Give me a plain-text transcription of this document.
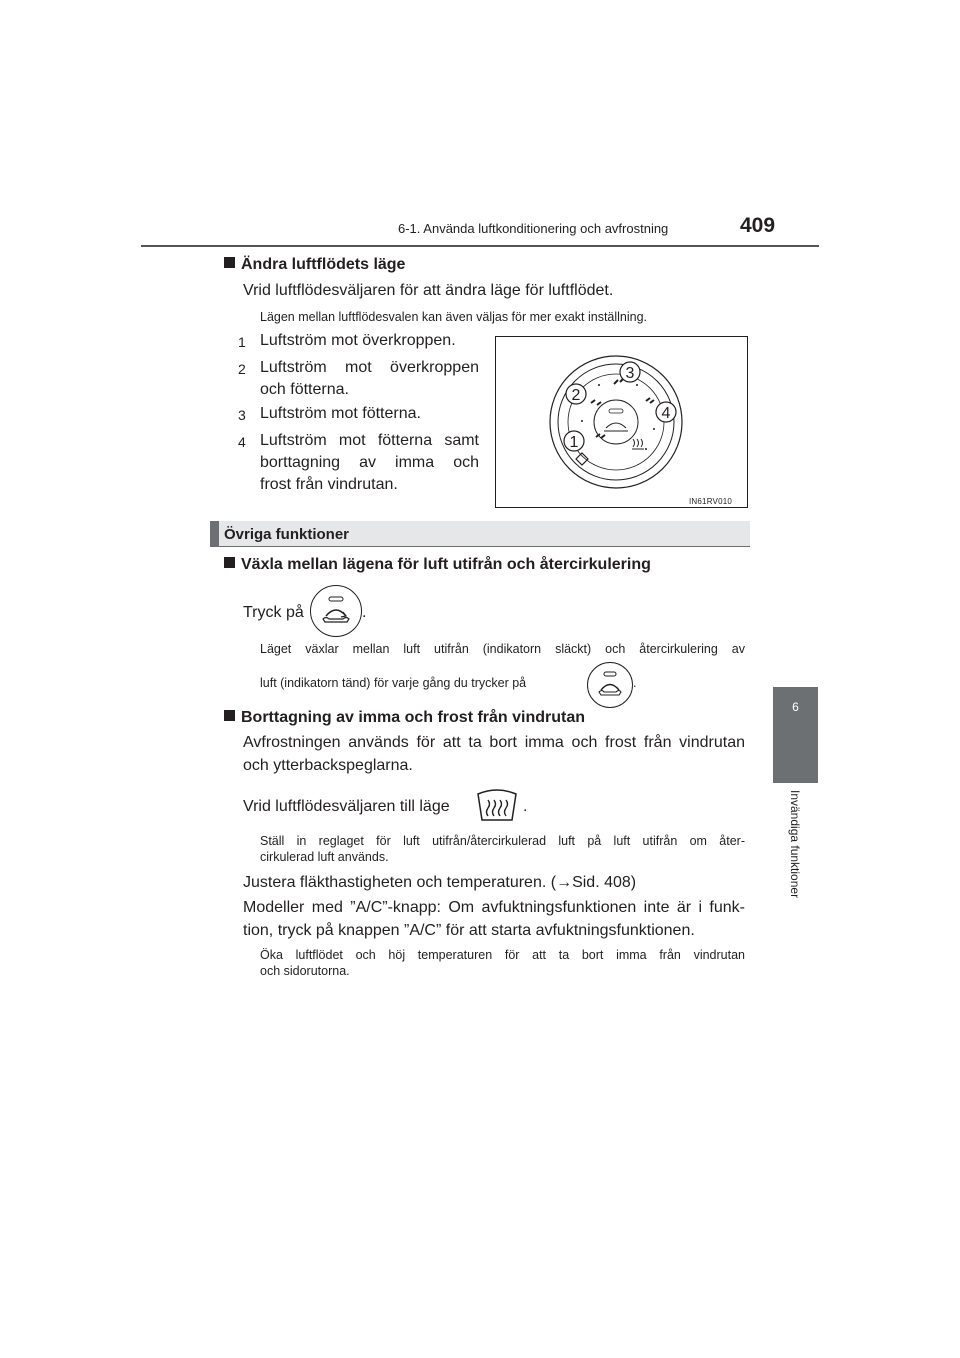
6-1. Använda luftkonditionering och avfrostning	409
6
Invändiga funktioner
Ändra luftflödets läge
Vrid luftflödesväljaren för att ändra läge för luftflödet.
Lägen mellan luftflödesvalen kan även väljas för mer exakt inställning.
1 Luftström mot överkroppen.
2 Luftström mot överkroppen
och fötterna.
3 Luftström mot fötterna.
4 Luftström mot fötterna samt
borttagning av imma och
frost från vindrutan.
1
2
3
4
IN61RV010
Övriga funktioner
Växla mellan lägena för luft utifrån och återcirkulering
Tryck på	.
Läget växlar mellan luft utifrån (indikatorn släckt) och återcirkulering av
luft (indikatorn tänd) för varje gång du trycker på	.
Borttagning av imma och frost från vindrutan
Avfrostningen används för att ta bort imma och frost från vindrutan
och ytterbackspeglarna.
Vrid luftflödesväljaren till läge	.
Ställ in reglaget för luft utifrån/återcirkulerad luft på luft utifrån om åter-
cirkulerad luft används.
Justera fläkthastigheten och temperaturen. (→Sid. 408)
Modeller med ”A/C”-knapp: Om avfuktningsfunktionen inte är i funk-
tion, tryck på knappen ”A/C” för att starta avfuktningsfunktionen.
Öka luftflödet och höj temperaturen för att ta bort imma från vindrutan
och sidorutorna.
